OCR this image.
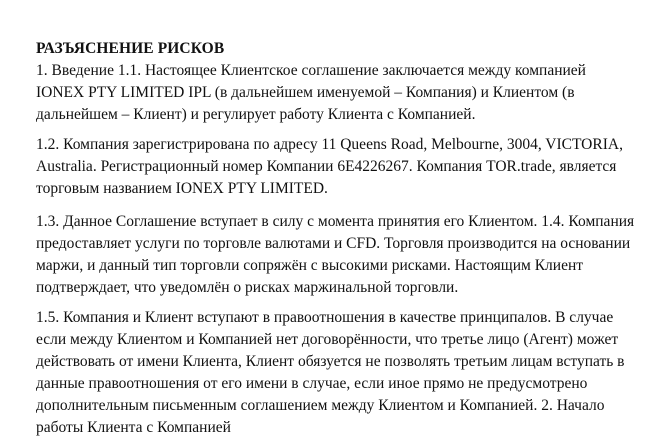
РАЗЪЯСНЕНИЕ РИСКОВ

1. Введение 1.1. Настоящее Клиентское соглашение заключается между компанией
IONEX PTY LIMITED IPL (в дальнейшем именуемой – Компания) и Клиентом (в
дальнейшем – Клиент) и регулирует работу Клиента с Компанией.

1.2. Компания зарегистрирована по адресу 11 Queens Road, Melbourne, 3004, VICTORIA,
Australia. Регистрационный номер Компании 6E4226267. Компания TOR.trade, является
торговым названием IONEX PTY LIMITED.

1.3. Данное Соглашение вступает в силу с момента принятия его Клиентом. 1.4. Компания
предоставляет услуги по торговле валютами и CFD. Торговля производится на основании
маржи, и данный тип торговли сопряжён с высокими рисками. Настоящим Клиент
подтверждает, что уведомлён о рисках маржинальной торговли.

1.5. Компания и Клиент вступают в правоотношения в качестве принципалов. В случае
если между Клиентом и Компанией нет договорённости, что третье лицо (Агент) может
действовать от имени Клиента, Клиент обязуется не позволять третьим лицам вступать в
данные правоотношения от его имени в случае, если иное прямо не предусмотрено
дополнительным письменным соглашением между Клиентом и Компанией. 2. Начало
работы Клиента с Компанией
